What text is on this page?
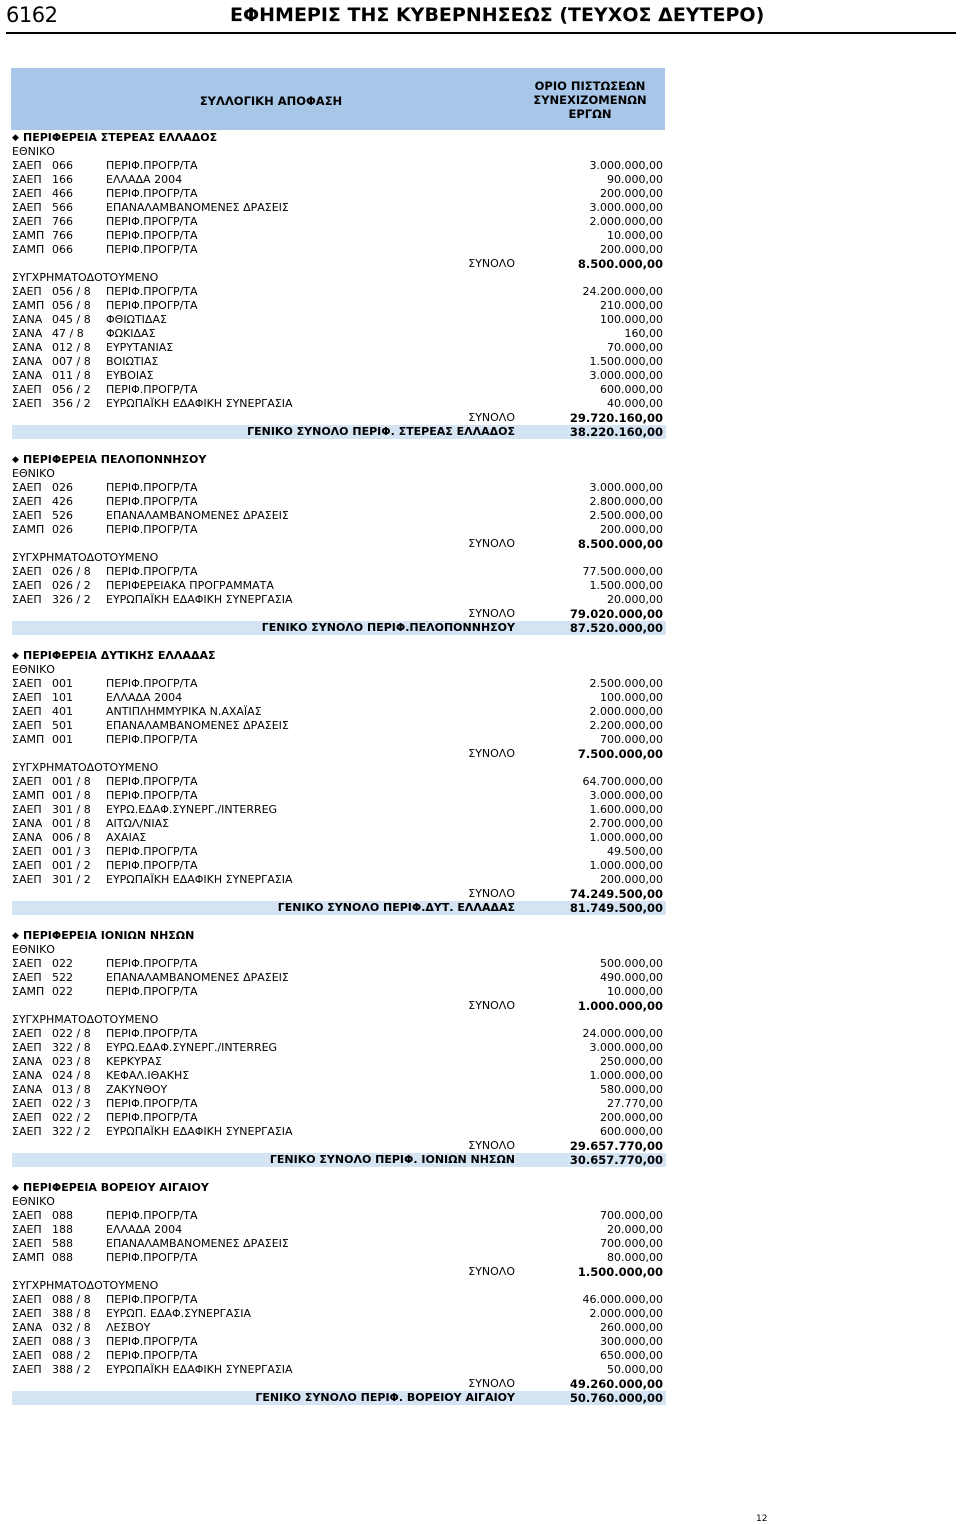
6162	ΕΦΗΜΕΡΙΣ ΤΗΣ ΚΥΒΕΡΝΗΣΕΩΣ (ΤΕΥΧΟΣ ΔΕΥΤΕΡΟ)
ΣΥΛΛΟΓΙΚΗ ΑΠΟΦΑΣΗ
ΟΡΙΟ ΠΙΣΤΩΣΕΩΝ
ΣΥΝΕΧΙΖΟΜΕΝΩΝ
ΕΡΓΩΝ
◆ ΠΕΡΙΦΕΡΕΙΑ ΣΤΕΡΕΑΣ ΕΛΛΑΔΟΣ
ΕΘΝΙΚΟ
ΣΑΕΠ 066	ΠΕΡΙΦ.ΠΡΟΓΡ/ΤΑ	3.000.000,00
ΣΑΕΠ 166	ΕΛΛΑΔΑ 2004	90.000,00
ΣΑΕΠ 466	ΠΕΡΙΦ.ΠΡΟΓΡ/ΤΑ	200.000,00
ΣΑΕΠ 566	ΕΠΑΝΑΛΑΜΒΑΝΟΜΕΝΕΣ ΔΡΑΣΕΙΣ	3.000.000,00
ΣΑΕΠ 766	ΠΕΡΙΦ.ΠΡΟΓΡ/ΤΑ	2.000.000,00
ΣΑΜΠ 766	ΠΕΡΙΦ.ΠΡΟΓΡ/ΤΑ	10.000,00
ΣΑΜΠ 066	ΠΕΡΙΦ.ΠΡΟΓΡ/ΤΑ	200.000,00
ΣΥΝΟΛΟ	8.500.000,00
ΣΥΓΧΡΗΜΑΤΟΔΟΤΟΥΜΕΝΟ
ΣΑΕΠ 056 / 8	ΠΕΡΙΦ.ΠΡΟΓΡ/ΤΑ	24.200.000,00
ΣΑΜΠ 056 / 8	ΠΕΡΙΦ.ΠΡΟΓΡ/ΤΑ	210.000,00
ΣΑΝΑ 045 / 8	ΦΘΙΩΤΙΔΑΣ	100.000,00
ΣΑΝΑ 47 / 8	ΦΩΚΙΔΑΣ	160,00
ΣΑΝΑ 012 / 8	ΕΥΡΥΤΑΝΙΑΣ	70.000,00
ΣΑΝΑ 007 / 8	ΒΟΙΩΤΙΑΣ	1.500.000,00
ΣΑΝΑ 011 / 8	ΕΥΒΟΙΑΣ	3.000.000,00
ΣΑΕΠ 056 / 2	ΠΕΡΙΦ.ΠΡΟΓΡ/ΤΑ	600.000,00
ΣΑΕΠ 356 / 2	ΕΥΡΩΠΑΪΚΗ ΕΔΑΦΙΚΗ ΣΥΝΕΡΓΑΣΙΑ	40.000,00
ΣΥΝΟΛΟ	29.720.160,00
ΓΕΝΙΚΟ ΣΥΝΟΛΟ ΠΕΡΙΦ. ΣΤΕΡΕΑΣ ΕΛΛΑΔΟΣ	38.220.160,00
◆ ΠΕΡΙΦΕΡΕΙΑ ΠΕΛΟΠΟΝΝΗΣΟΥ
ΕΘΝΙΚΟ
ΣΑΕΠ 026	ΠΕΡΙΦ.ΠΡΟΓΡ/ΤΑ	3.000.000,00
ΣΑΕΠ 426	ΠΕΡΙΦ.ΠΡΟΓΡ/ΤΑ	2.800.000,00
ΣΑΕΠ 526	ΕΠΑΝΑΛΑΜΒΑΝΟΜΕΝΕΣ ΔΡΑΣΕΙΣ	2.500.000,00
ΣΑΜΠ 026	ΠΕΡΙΦ.ΠΡΟΓΡ/ΤΑ	200.000,00
ΣΥΝΟΛΟ	8.500.000,00
ΣΥΓΧΡΗΜΑΤΟΔΟΤΟΥΜΕΝΟ
ΣΑΕΠ 026 / 8	ΠΕΡΙΦ.ΠΡΟΓΡ/ΤΑ	77.500.000,00
ΣΑΕΠ 026 / 2	ΠΕΡΙΦΕΡΕΙΑΚΑ ΠΡΟΓΡΑΜΜΑΤΑ	1.500.000,00
ΣΑΕΠ 326 / 2	ΕΥΡΩΠΑΪΚΗ ΕΔΑΦΙΚΗ ΣΥΝΕΡΓΑΣΙΑ	20.000,00
ΣΥΝΟΛΟ	79.020.000,00
ΓΕΝΙΚΟ ΣΥΝΟΛΟ ΠΕΡΙΦ.ΠΕΛΟΠΟΝΝΗΣΟΥ	87.520.000,00
◆ ΠΕΡΙΦΕΡΕΙΑ ΔΥΤΙΚΗΣ ΕΛΛΑΔΑΣ
ΕΘΝΙΚΟ
ΣΑΕΠ 001	ΠΕΡΙΦ.ΠΡΟΓΡ/ΤΑ	2.500.000,00
ΣΑΕΠ 101	ΕΛΛΑΔΑ 2004	100.000,00
ΣΑΕΠ 401	ΑΝΤΙΠΛΗΜΜΥΡΙΚΑ Ν.ΑΧΑΪΑΣ	2.000.000,00
ΣΑΕΠ 501	ΕΠΑΝΑΛΑΜΒΑΝΟΜΕΝΕΣ ΔΡΑΣΕΙΣ	2.200.000,00
ΣΑΜΠ 001	ΠΕΡΙΦ.ΠΡΟΓΡ/ΤΑ	700.000,00
ΣΥΝΟΛΟ	7.500.000,00
ΣΥΓΧΡΗΜΑΤΟΔΟΤΟΥΜΕΝΟ
ΣΑΕΠ 001 / 8	ΠΕΡΙΦ.ΠΡΟΓΡ/ΤΑ	64.700.000,00
ΣΑΜΠ 001 / 8	ΠΕΡΙΦ.ΠΡΟΓΡ/ΤΑ	3.000.000,00
ΣΑΕΠ 301 / 8	ΕΥΡΩ.ΕΔΑΦ.ΣΥΝΕΡΓ./INTERREG	1.600.000,00
ΣΑΝΑ 001 / 8	ΑΙΤΩΛ/ΝΙΑΣ	2.700.000,00
ΣΑΝΑ 006 / 8	ΑΧΑΙΑΣ	1.000.000,00
ΣΑΕΠ 001 / 3	ΠΕΡΙΦ.ΠΡΟΓΡ/ΤΑ	49.500,00
ΣΑΕΠ 001 / 2	ΠΕΡΙΦ.ΠΡΟΓΡ/ΤΑ	1.000.000,00
ΣΑΕΠ 301 / 2	ΕΥΡΩΠΑΪΚΗ ΕΔΑΦΙΚΗ ΣΥΝΕΡΓΑΣΙΑ	200.000,00
ΣΥΝΟΛΟ	74.249.500,00
ΓΕΝΙΚΟ ΣΥΝΟΛΟ ΠΕΡΙΦ.ΔΥΤ. ΕΛΛΑΔΑΣ	81.749.500,00
◆ ΠΕΡΙΦΕΡΕΙΑ ΙΟΝΙΩΝ ΝΗΣΩΝ
ΕΘΝΙΚΟ
ΣΑΕΠ 022	ΠΕΡΙΦ.ΠΡΟΓΡ/ΤΑ	500.000,00
ΣΑΕΠ 522	ΕΠΑΝΑΛΑΜΒΑΝΟΜΕΝΕΣ ΔΡΑΣΕΙΣ	490.000,00
ΣΑΜΠ 022	ΠΕΡΙΦ.ΠΡΟΓΡ/ΤΑ	10.000,00
ΣΥΝΟΛΟ	1.000.000,00
ΣΥΓΧΡΗΜΑΤΟΔΟΤΟΥΜΕΝΟ
ΣΑΕΠ 022 / 8	ΠΕΡΙΦ.ΠΡΟΓΡ/ΤΑ	24.000.000,00
ΣΑΕΠ 322 / 8	ΕΥΡΩ.ΕΔΑΦ.ΣΥΝΕΡΓ./INTERREG	3.000.000,00
ΣΑΝΑ 023 / 8	ΚΕΡΚΥΡΑΣ	250.000,00
ΣΑΝΑ 024 / 8	ΚΕΦΑΛ.ΙΘΑΚΗΣ	1.000.000,00
ΣΑΝΑ 013 / 8	ΖΑΚΥΝΘΟΥ	580.000,00
ΣΑΕΠ 022 / 3	ΠΕΡΙΦ.ΠΡΟΓΡ/ΤΑ	27.770,00
ΣΑΕΠ 022 / 2	ΠΕΡΙΦ.ΠΡΟΓΡ/ΤΑ	200.000,00
ΣΑΕΠ 322 / 2	ΕΥΡΩΠΑΪΚΗ ΕΔΑΦΙΚΗ ΣΥΝΕΡΓΑΣΙΑ	600.000,00
ΣΥΝΟΛΟ	29.657.770,00
ΓΕΝΙΚΟ ΣΥΝΟΛΟ ΠΕΡΙΦ. ΙΟΝΙΩΝ ΝΗΣΩΝ	30.657.770,00
◆ ΠΕΡΙΦΕΡΕΙΑ ΒΟΡΕΙΟΥ ΑΙΓΑΙΟΥ
ΕΘΝΙΚΟ
ΣΑΕΠ 088	ΠΕΡΙΦ.ΠΡΟΓΡ/ΤΑ	700.000,00
ΣΑΕΠ 188	ΕΛΛΑΔΑ 2004	20.000,00
ΣΑΕΠ 588	ΕΠΑΝΑΛΑΜΒΑΝΟΜΕΝΕΣ ΔΡΑΣΕΙΣ	700.000,00
ΣΑΜΠ 088	ΠΕΡΙΦ.ΠΡΟΓΡ/ΤΑ	80.000,00
ΣΥΝΟΛΟ	1.500.000,00
ΣΥΓΧΡΗΜΑΤΟΔΟΤΟΥΜΕΝΟ
ΣΑΕΠ 088 / 8	ΠΕΡΙΦ.ΠΡΟΓΡ/ΤΑ	46.000.000,00
ΣΑΕΠ 388 / 8	ΕΥΡΩΠ. ΕΔΑΦ.ΣΥΝΕΡΓΑΣΙΑ	2.000.000,00
ΣΑΝΑ 032 / 8	ΛΕΣΒΟΥ	260.000,00
ΣΑΕΠ 088 / 3	ΠΕΡΙΦ.ΠΡΟΓΡ/ΤΑ	300.000,00
ΣΑΕΠ 088 / 2	ΠΕΡΙΦ.ΠΡΟΓΡ/ΤΑ	650.000,00
ΣΑΕΠ 388 / 2	ΕΥΡΩΠΑΪΚΗ ΕΔΑΦΙΚΗ ΣΥΝΕΡΓΑΣΙΑ	50.000,00
ΣΥΝΟΛΟ	49.260.000,00
ΓΕΝΙΚΟ ΣΥΝΟΛΟ ΠΕΡΙΦ. ΒΟΡΕΙΟΥ ΑΙΓΑΙΟΥ	50.760.000,00
12
